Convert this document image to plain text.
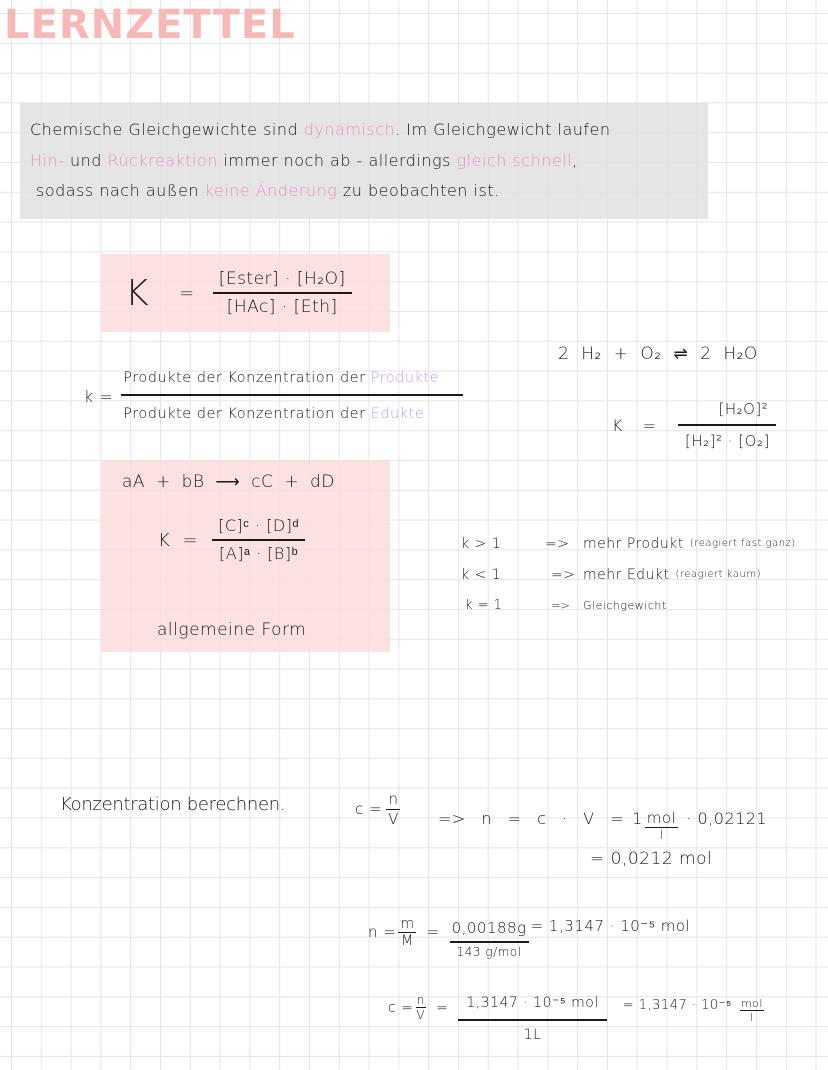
LERNZETTEL
Chemische Gleichgewichte sind dynamisch. Im Gleichgewicht laufen
Hin- und Rückreaktion immer noch ab - allerdings gleich schnell,
sodass nach außen keine Änderung zu beobachten ist.
$K = \frac{\text{[Ester] · [H₂O]}}{\text{[HAc] · [Eth]}}$
$k = \frac{\text{Produkte der Konzentration der Produkte}}{\text{Produkte der Konzentration der Edukte}}$
2 H₂ + O₂ ⇌ 2 H₂O
$K = \frac{\text{[H₂O]²}}{\text{[H₂]² · [O₂]}}$
aA + bB ⟶ cC + dD
$K = \frac{\text{[C]ᶜ · [D]ᵈ}}{\text{[A]ᵃ · [B]ᵇ}}$
allgemeine Form
k > 1	=> mehr Produkt (reagiert fast ganz)
k < 1	=> mehr Edukt (reagiert kaum)
k = 1	=>	Gleichgewicht
Konzentration berechnen.	$c = \frac{n}{V} => n = c \cdot V = 1 \frac{\text{mol}}{l} \cdot 0,02121$
= 0,0212 mol
$n = \frac{m}{M} = \frac{0,00188g}{\text{143 g/mol}} = 1,3147 \cdot 10^{-5}$ mol
$c = \frac{n}{V} = \frac{\text{1,3147 · 10⁻⁵ mol}}{1L} = 1,3147 \cdot 10^{-5} \frac{\text{mol}}{l}$
